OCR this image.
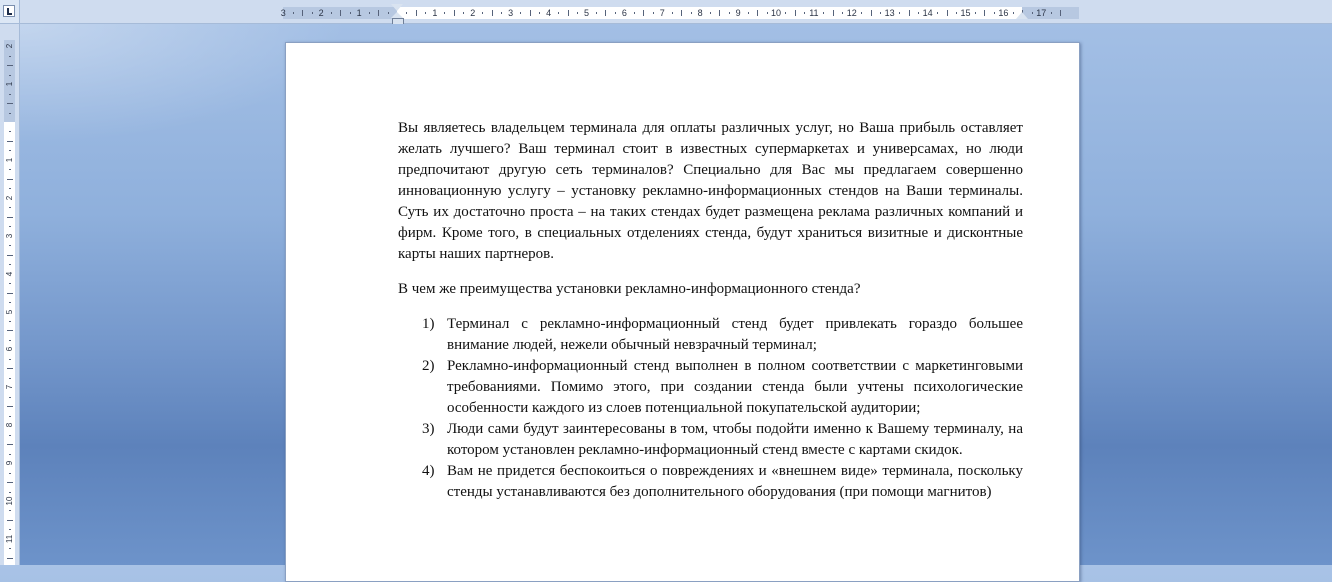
3	2	1	1	2	3	4	5	6	7	8	9	10	11	12	13	14	15	16	17
2
1
1
2
3
4
5
6
7
8
9
10
11

Вы являетесь владельцем терминала для оплаты различных услуг, но Ваша прибыль оставляет желать лучшего? Ваш терминал стоит в известных супермаркетах и универсамах, но люди предпочитают другую сеть терминалов? Специально для Вас мы предлагаем совершенно инновационную услугу – установку рекламно-информационных стендов на Ваши терминалы. Суть их достаточно проста – на таких стендах будет размещена реклама различных компаний и фирм. Кроме того, в специальных отделениях стенда, будут храниться визитные и дисконтные карты наших партнеров.

В чем же преимущества установки рекламно-информационного стенда?

1) Терминал с рекламно-информационный стенд будет привлекать гораздо большее внимание людей, нежели обычный невзрачный терминал;
2) Рекламно-информационный стенд выполнен в полном соответствии с маркетинговыми требованиями. Помимо этого, при создании стенда были учтены психологические особенности каждого из слоев потенциальной покупательской аудитории;
3) Люди сами будут заинтересованы в том, чтобы подойти именно к Вашему терминалу, на котором установлен рекламно-информационный стенд вместе с картами скидок.
4) Вам не придется беспокоиться о повреждениях и «внешнем виде» терминала, поскольку стенды устанавливаются без дополнительного оборудования (при помощи магнитов)
